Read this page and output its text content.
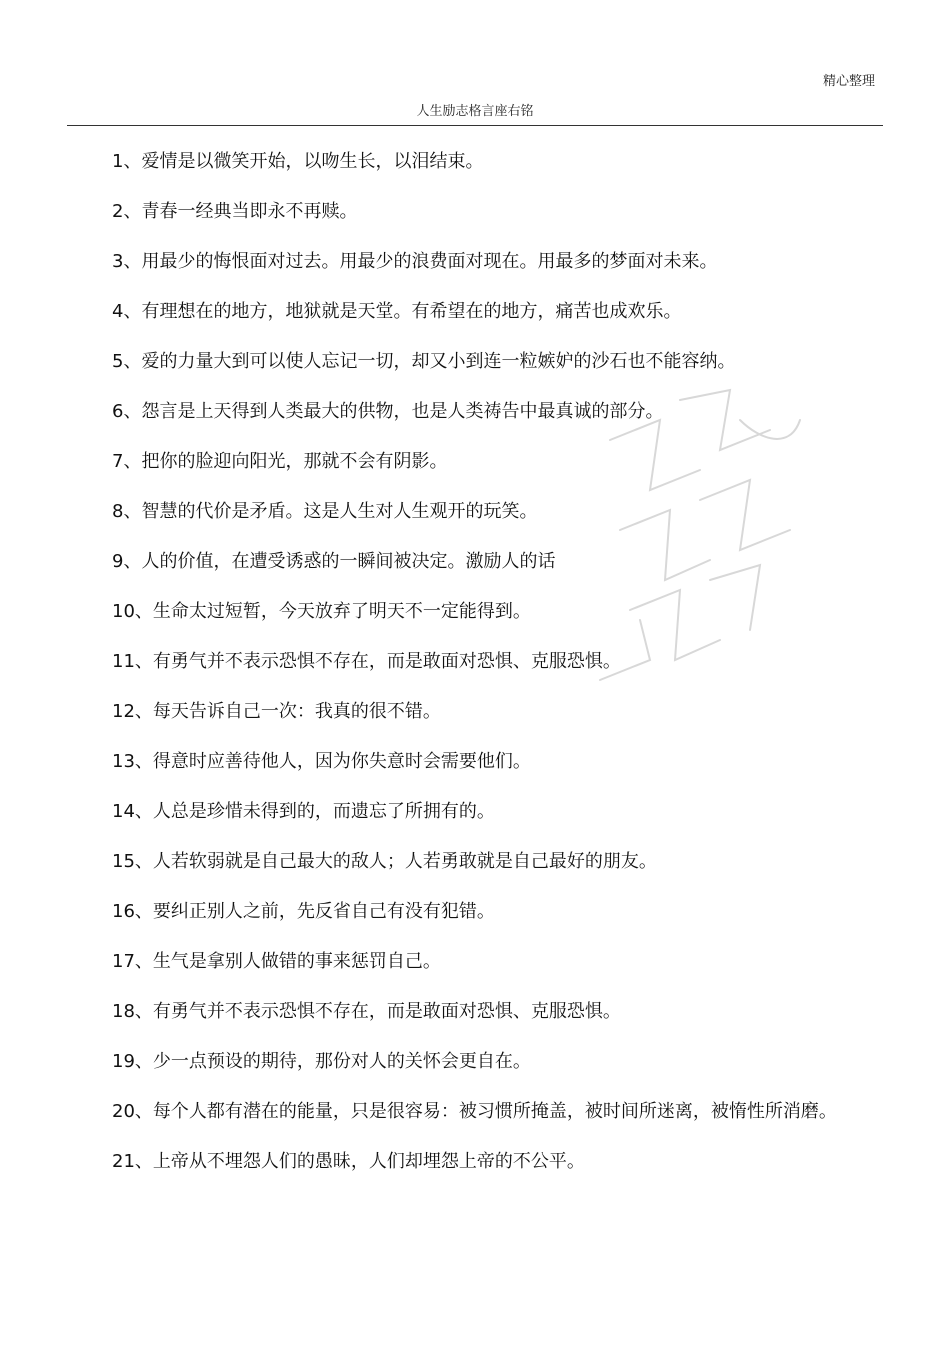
精心整理
人生励志格言座右铭

1、爱情是以微笑开始，以吻生长，以泪结束。

2、青春一经典当即永不再赎。

3、用最少的悔恨面对过去。用最少的浪费面对现在。用最多的梦面对未来。

4、有理想在的地方，地狱就是天堂。有希望在的地方，痛苦也成欢乐。

5、爱的力量大到可以使人忘记一切，却又小到连一粒嫉妒的沙石也不能容纳。

6、怨言是上天得到人类最大的供物，也是人类祷告中最真诚的部分。

7、把你的脸迎向阳光，那就不会有阴影。

8、智慧的代价是矛盾。这是人生对人生观开的玩笑。

9、人的价值，在遭受诱惑的一瞬间被决定。激励人的话

10、生命太过短暂，今天放弃了明天不一定能得到。

11、有勇气并不表示恐惧不存在，而是敢面对恐惧、克服恐惧。

12、每天告诉自己一次：我真的很不错。

13、得意时应善待他人，因为你失意时会需要他们。

14、人总是珍惜未得到的，而遗忘了所拥有的。

15、人若软弱就是自己最大的敌人；人若勇敢就是自己最好的朋友。

16、要纠正别人之前，先反省自己有没有犯错。

17、生气是拿别人做错的事来惩罚自己。

18、有勇气并不表示恐惧不存在，而是敢面对恐惧、克服恐惧。

19、少一点预设的期待，那份对人的关怀会更自在。

20、每个人都有潜在的能量，只是很容易：被习惯所掩盖，被时间所迷离，被惰性所消磨。

21、上帝从不埋怨人们的愚昧，人们却埋怨上帝的不公平。
